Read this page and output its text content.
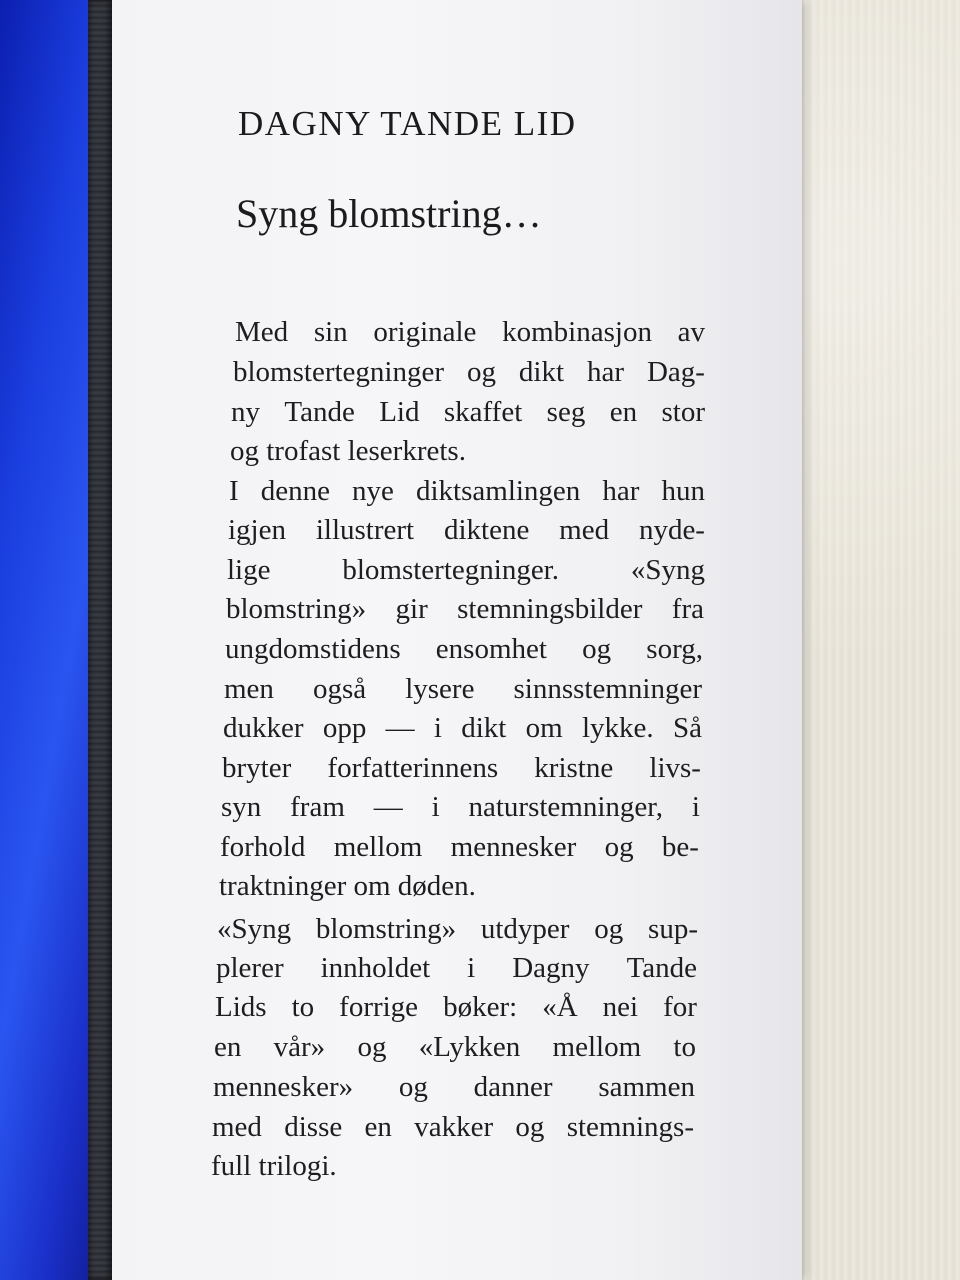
DAGNY TANDE LID
Syng blomstring…
Med sin originale kombinasjon av
blomstertegninger og dikt har Dag-
ny Tande Lid skaffet seg en stor
og trofast leserkrets.
I denne nye diktsamlingen har hun
igjen illustrert diktene med nyde-
lige blomstertegninger. «Syng
blomstring» gir stemningsbilder fra
ungdomstidens ensomhet og sorg,
men også lysere sinnsstemninger
dukker opp — i dikt om lykke. Så
bryter forfatterinnens kristne livs-
syn fram — i naturstemninger, i
forhold mellom mennesker og be-
traktninger om døden.
«Syng blomstring» utdyper og sup-
plerer innholdet i Dagny Tande
Lids to forrige bøker: «Å nei for
en vår» og «Lykken mellom to
mennesker» og danner sammen
med disse en vakker og stemnings-
full trilogi.
